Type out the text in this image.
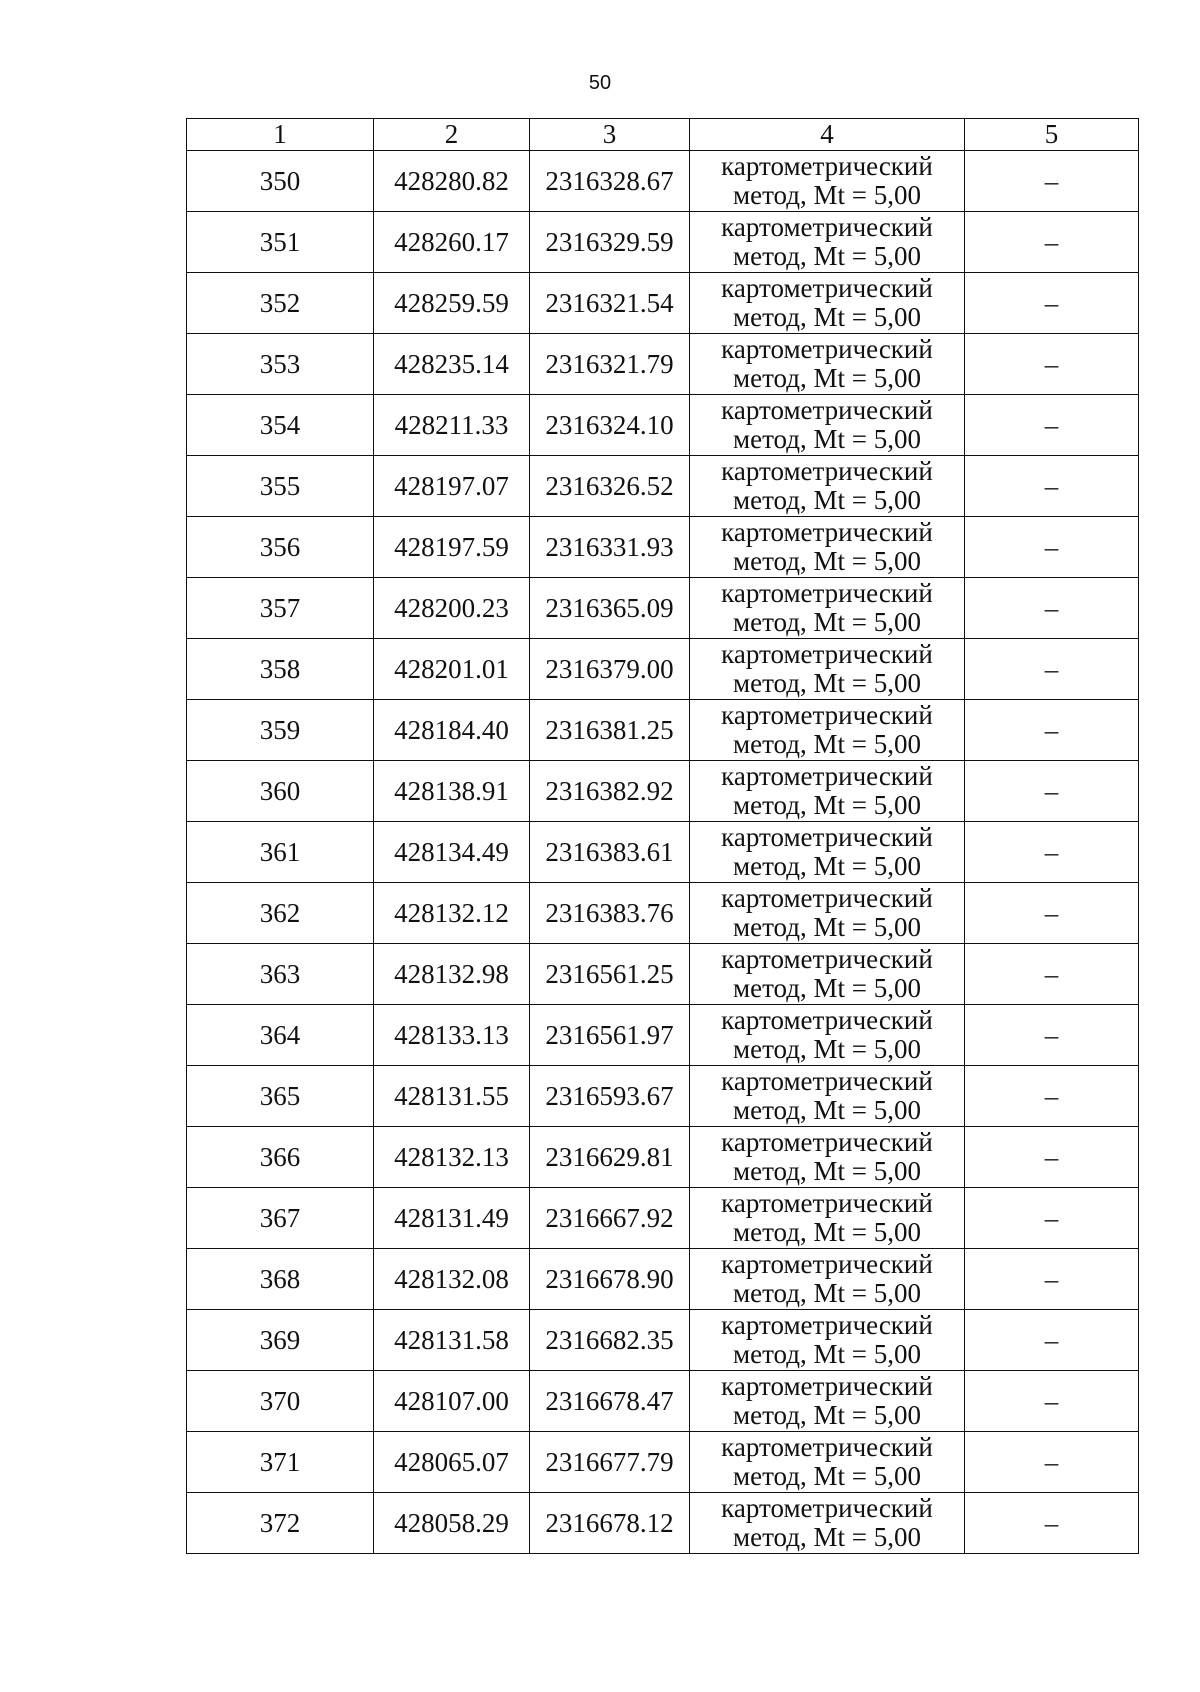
50
1	2	3	4	5
350	428280.82	2316328.67	картометрический
метод, Mt = 5,00	–
351	428260.17	2316329.59	картометрический
метод, Mt = 5,00	–
352	428259.59	2316321.54	картометрический
метод, Mt = 5,00	–
353	428235.14	2316321.79	картометрический
метод, Mt = 5,00	–
354	428211.33	2316324.10	картометрический
метод, Mt = 5,00	–
355	428197.07	2316326.52	картометрический
метод, Mt = 5,00	–
356	428197.59	2316331.93	картометрический
метод, Mt = 5,00	–
357	428200.23	2316365.09	картометрический
метод, Mt = 5,00	–
358	428201.01	2316379.00	картометрический
метод, Mt = 5,00	–
359	428184.40	2316381.25	картометрический
метод, Mt = 5,00	–
360	428138.91	2316382.92	картометрический
метод, Mt = 5,00	–
361	428134.49	2316383.61	картометрический
метод, Mt = 5,00	–
362	428132.12	2316383.76	картометрический
метод, Mt = 5,00	–
363	428132.98	2316561.25	картометрический
метод, Mt = 5,00	–
364	428133.13	2316561.97	картометрический
метод, Mt = 5,00	–
365	428131.55	2316593.67	картометрический
метод, Mt = 5,00	–
366	428132.13	2316629.81	картометрический
метод, Mt = 5,00	–
367	428131.49	2316667.92	картометрический
метод, Mt = 5,00	–
368	428132.08	2316678.90	картометрический
метод, Mt = 5,00	–
369	428131.58	2316682.35	картометрический
метод, Mt = 5,00	–
370	428107.00	2316678.47	картометрический
метод, Mt = 5,00	–
371	428065.07	2316677.79	картометрический
метод, Mt = 5,00	–
372	428058.29	2316678.12	картометрический
метод, Mt = 5,00	–
